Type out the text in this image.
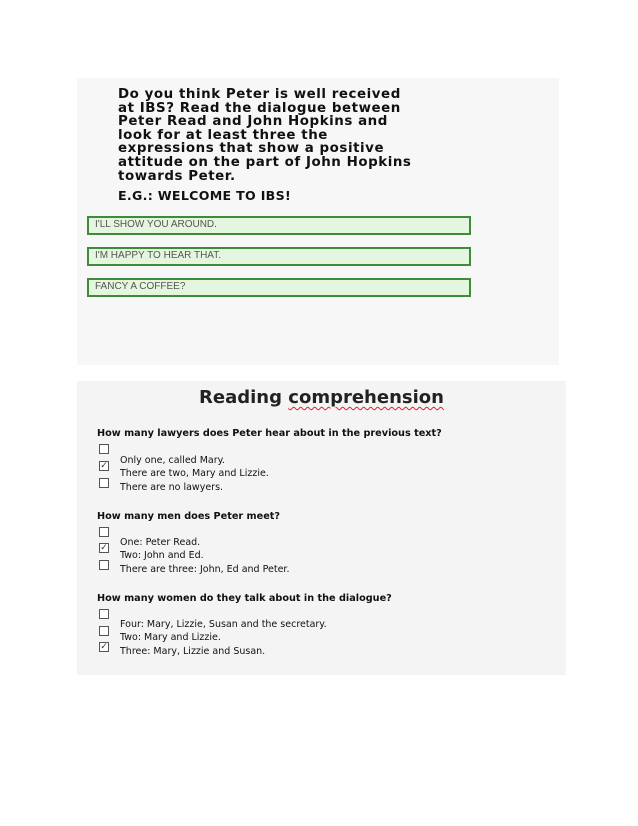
Do you think Peter is well received
at IBS? Read the dialogue between
Peter Read and John Hopkins and
look for at least three the
expressions that show a positive
attitude on the part of John Hopkins
towards Peter.

E.G.: WELCOME TO IBS!

I'LL SHOW YOU AROUND.
I'M HAPPY TO HEAR THAT.
FANCY A COFFEE?
Reading comprehension

How many lawyers does Peter hear about in the previous text?

✓ Only one, called Mary.

There are two, Mary and Lizzie.

There are no lawyers.

How many men does Peter meet?

✓ One: Peter Read.

Two: John and Ed.

There are three: John, Ed and Peter.

How many women do they talk about in the dialogue?

✓

Four: Mary, Lizzie, Susan and the secretary.

Two: Mary and Lizzie.

Three: Mary, Lizzie and Susan.
